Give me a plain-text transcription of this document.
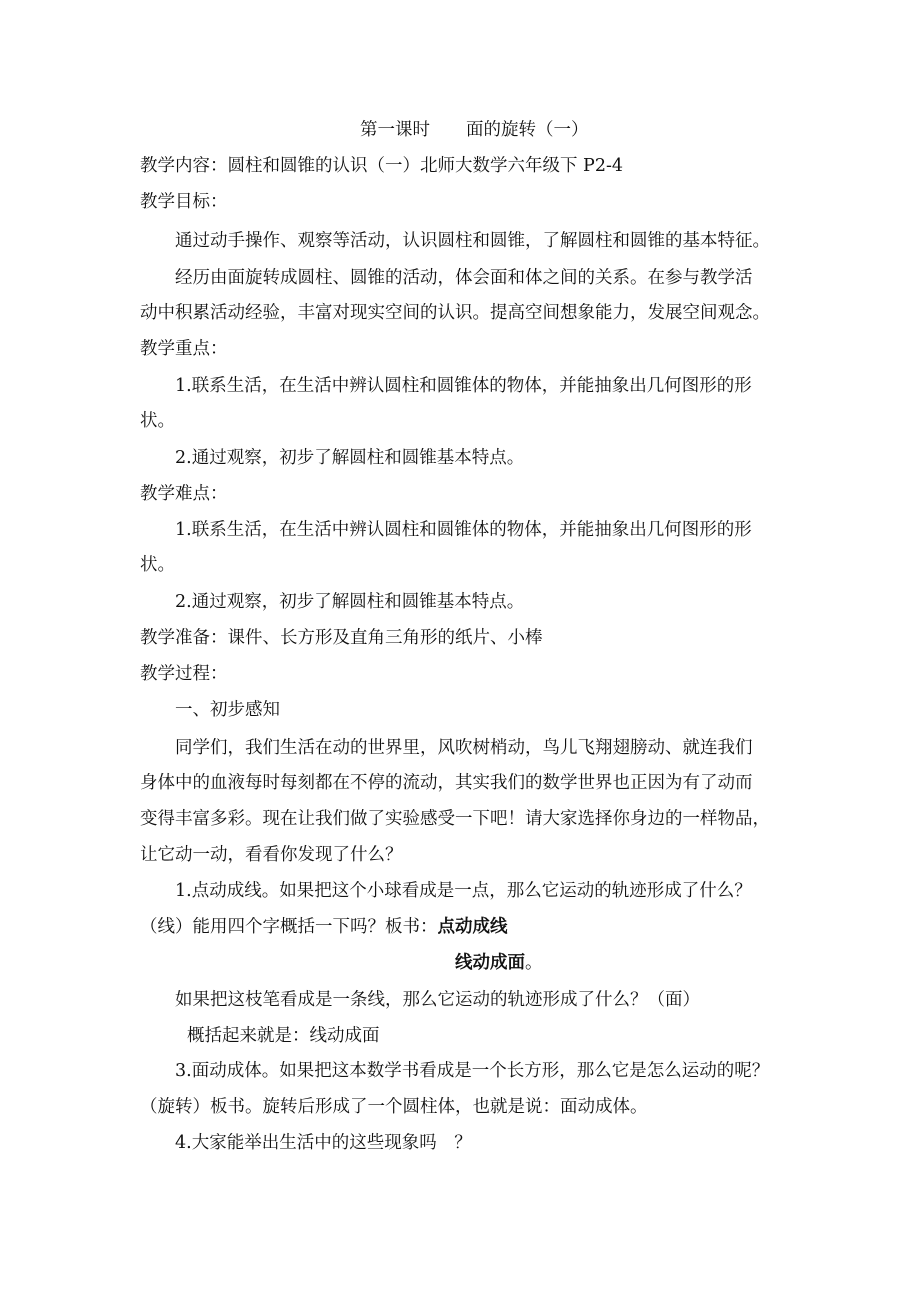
第一课时 面的旋转（一）
教学内容：圆柱和圆锥的认识（一）北师大数学六年级下 P2-4
教学目标：
通过动手操作、观察等活动，认识圆柱和圆锥，了解圆柱和圆锥的基本特征。
经历由面旋转成圆柱、圆锥的活动，体会面和体之间的关系。在参与教学活
动中积累活动经验，丰富对现实空间的认识。提高空间想象能力，发展空间观念。
教学重点：
1.联系生活，在生活中辨认圆柱和圆锥体的物体，并能抽象出几何图形的形
状。
2.通过观察，初步了解圆柱和圆锥基本特点。
教学难点：
1.联系生活，在生活中辨认圆柱和圆锥体的物体，并能抽象出几何图形的形
状。
2.通过观察，初步了解圆柱和圆锥基本特点。
教学准备：课件、长方形及直角三角形的纸片、小棒
教学过程：
一、初步感知
同学们，我们生活在动的世界里，风吹树梢动，鸟儿飞翔翅膀动、就连我们
身体中的血液每时每刻都在不停的流动，其实我们的数学世界也正因为有了动而
变得丰富多彩。现在让我们做了实验感受一下吧！请大家选择你身边的一样物品，
让它动一动，看看你发现了什么？
1.点动成线。如果把这个小球看成是一点，那么它运动的轨迹形成了什么？
（线）能用四个字概括一下吗？板书：点动成线
线动成面。
如果把这枝笔看成是一条线，那么它运动的轨迹形成了什么？（面）
概括起来就是：线动成面
3.面动成体。如果把这本数学书看成是一个长方形，那么它是怎么运动的呢？
（旋转）板书。旋转后形成了一个圆柱体，也就是说：面动成体。
4.大家能举出生活中的这些现象吗　？
